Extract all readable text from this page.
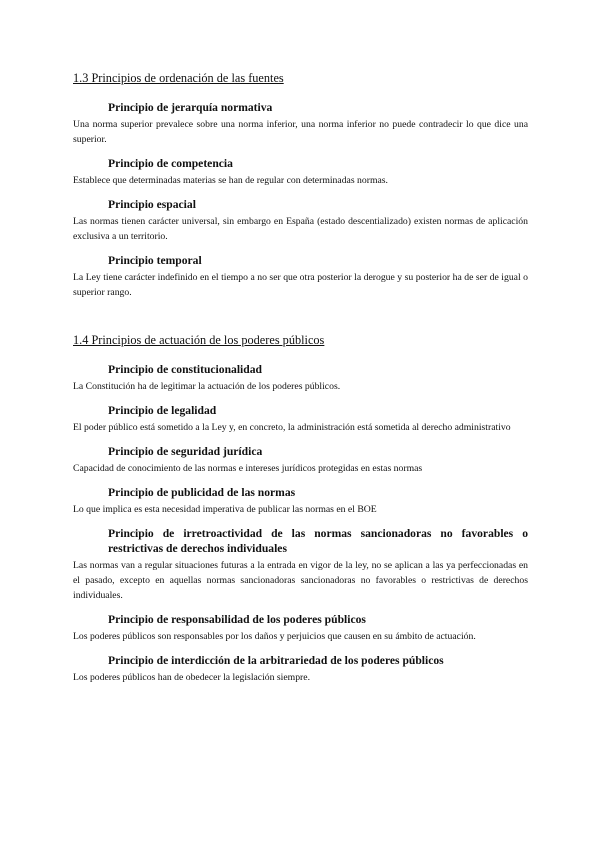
1.3 Principios de ordenación de las fuentes
Principio de jerarquía normativa

Una norma superior prevalece sobre una norma inferior, una norma inferior no puede contradecir lo que dice una superior.

Principio de competencia

Establece que determinadas materias se han de regular con determinadas normas.

Principio espacial

Las normas tienen carácter universal, sin embargo en España (estado descentializado) existen normas de aplicación exclusiva a un territorio.

Principio temporal

La Ley tiene carácter indefinido en el tiempo a no ser que otra posterior la derogue y su posterior ha de ser de igual o superior rango.

1.4 Principios de actuación de los poderes públicos
Principio de constitucionalidad

La Constitución ha de legitimar la actuación de los poderes públicos.

Principio de legalidad

El poder público está sometido a la Ley y, en concreto, la administración está sometida al derecho administrativo

Principio de seguridad jurídica

Capacidad de conocimiento de las normas e intereses jurídicos protegidas en estas normas

Principio de publicidad de las normas

Lo que implica es esta necesidad imperativa de publicar las normas en el BOE

Principio de irretroactividad de las normas sancionadoras no favorables o restrictivas de derechos individuales

Las normas van a regular situaciones futuras a la entrada en vigor de la ley, no se aplican a las ya perfeccionadas en el pasado, excepto en aquellas normas sancionadoras sancionadoras no favorables o restrictivas de derechos individuales.

Principio de responsabilidad de los poderes públicos

Los poderes públicos son responsables por los daños y perjuicios que causen en su ámbito de actuación.

Principio de interdicción de la arbitrariedad de los poderes públicos

Los poderes públicos han de obedecer la legislación siempre.
